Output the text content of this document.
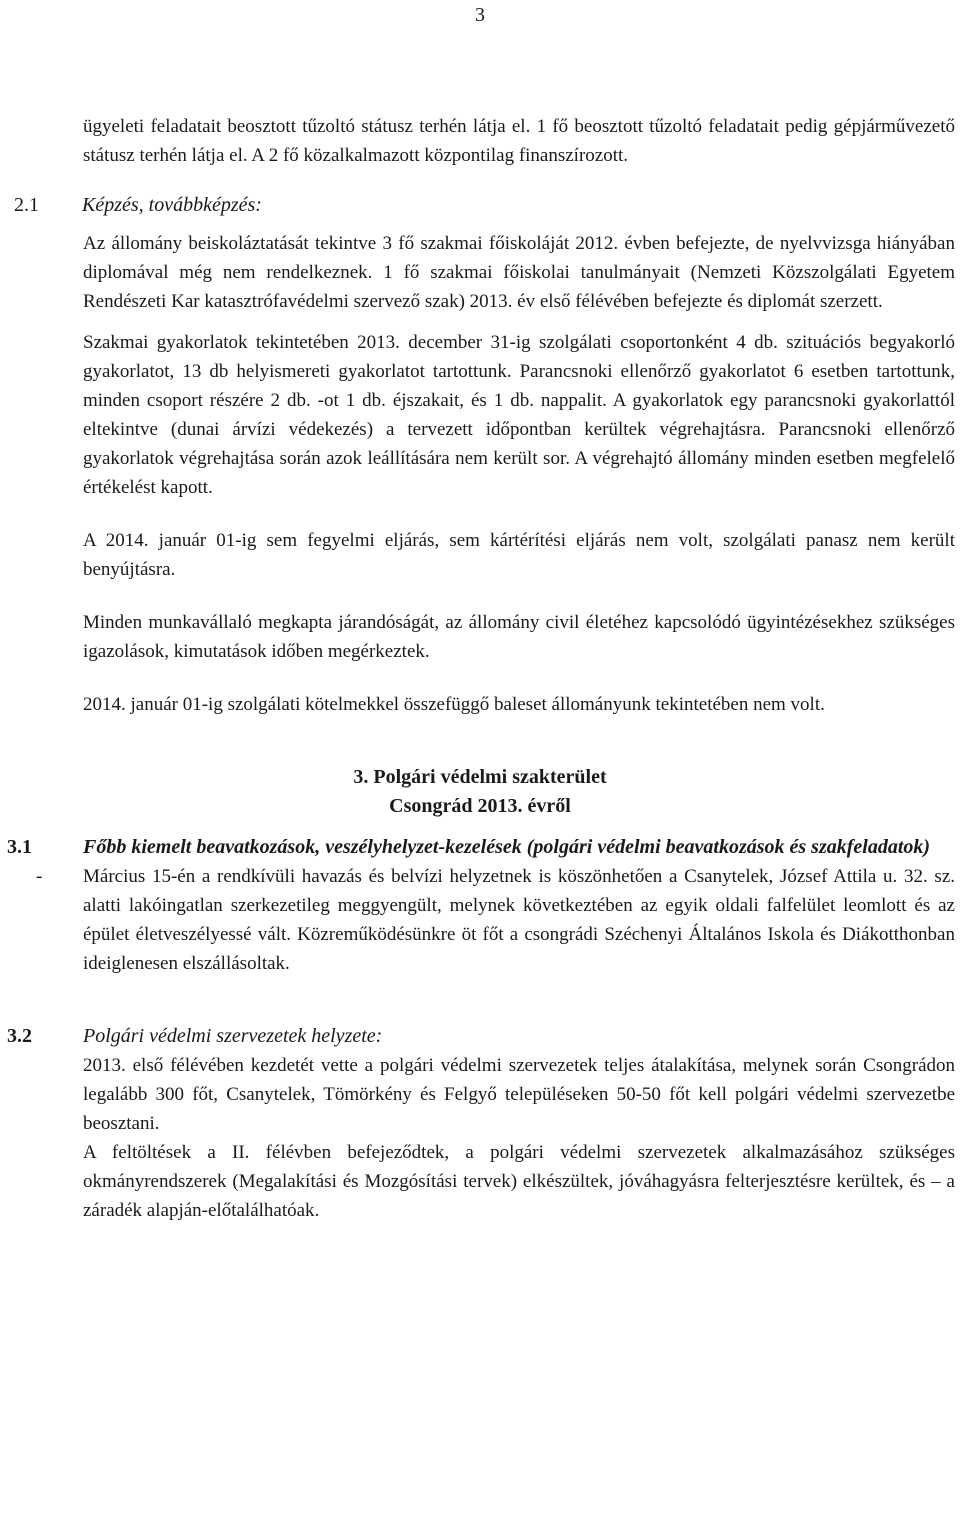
3

ügyeleti feladatait beosztott tűzoltó státusz terhén látja el. 1 fő beosztott tűzoltó feladatait pedig gépjárművezető státusz terhén látja el. A 2 fő közalkalmazott központilag finanszírozott.

2.1	Képzés, továbbképzés:

Az állomány beiskoláztatását tekintve 3 fő szakmai főiskoláját 2012. évben befejezte, de nyelvvizsga hiányában diplomával még nem rendelkeznek. 1 fő szakmai főiskolai tanulmányait (Nemzeti Közszolgálati Egyetem Rendészeti Kar katasztrófavédelmi szervező szak) 2013. év első félévében befejezte és diplomát szerzett.

Szakmai gyakorlatok tekintetében 2013. december 31-ig szolgálati csoportonként 4 db. szituációs begyakorló gyakorlatot, 13 db helyismereti gyakorlatot tartottunk. Parancsnoki ellenőrző gyakorlatot 6 esetben tartottunk, minden csoport részére 2 db. -ot 1 db. éjszakait, és 1 db. nappalit. A gyakorlatok egy parancsnoki gyakorlattól eltekintve (dunai árvízi védekezés) a tervezett időpontban kerültek végrehajtásra. Parancsnoki ellenőrző gyakorlatok végrehajtása során azok leállítására nem került sor. A végrehajtó állomány minden esetben megfelelő értékelést kapott.

A 2014. január 01-ig sem fegyelmi eljárás, sem kártérítési eljárás nem volt, szolgálati panasz nem került benyújtásra.

Minden munkavállaló megkapta járandóságát, az állomány civil életéhez kapcsolódó ügyintézésekhez szükséges igazolások, kimutatások időben megérkeztek.

2014. január 01-ig szolgálati kötelmekkel összefüggő baleset állományunk tekintetében nem volt.

3. Polgári védelmi szakterület
Csongrád 2013. évről
3.1	Főbb kiemelt beavatkozások, veszélyhelyzet-kezelések (polgári védelmi beavatkozások és szakfeladatok)
-	Március 15-én a rendkívüli havazás és belvízi helyzetnek is köszönhetően a Csanytelek, József Attila u. 32. sz. alatti lakóingatlan szerkezetileg meggyengült, melynek következtében az egyik oldali falfelület leomlott és az épület életveszélyessé vált. Közreműködésünkre öt főt a csongrádi Széchenyi Általános Iskola és Diákotthonban ideiglenesen elszállásoltak.

3.2	Polgári védelmi szervezetek helyzete:

2013. első félévében kezdetét vette a polgári védelmi szervezetek teljes átalakítása, melynek során Csongrádon legalább 300 főt, Csanytelek, Tömörkény és Felgyő településeken 50-50 főt kell polgári védelmi szervezetbe beosztani.

A feltöltések a II. félévben befejeződtek, a polgári védelmi szervezetek alkalmazásához szükséges okmányrendszerek (Megalakítási és Mozgósítási tervek) elkészültek, jóváhagyásra felterjesztésre kerültek, és – a záradék alapján-előtalálhatóak.
